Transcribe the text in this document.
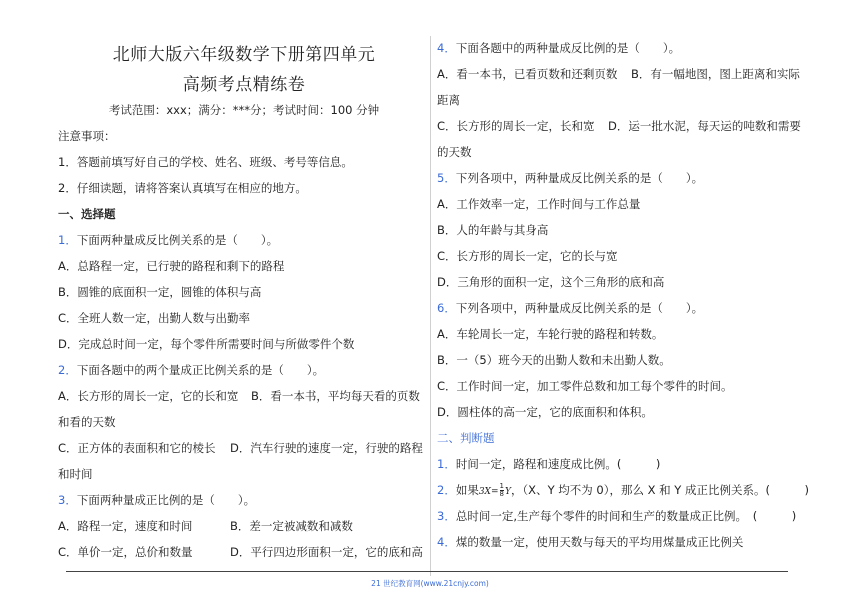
21 世纪教育网(www.21cnjy.com)
北师大版六年级数学下册第四单元
高频考点精练卷
考试范围：xxx；满分：***分；考试时间：100 分钟
注意事项：
1．答题前填写好自己的学校、姓名、班级、考号等信息。
2．仔细读题，请将答案认真填写在相应的地方。
一、选择题
1．下面两种量成反比例关系的是（　　）。
A．总路程一定，已行驶的路程和剩下的路程
B．圆锥的底面积一定，圆锥的体积与高
C．全班人数一定，出勤人数与出勤率
D．完成总时间一定，每个零件所需要时间与所做零件个数
2．下面各题中的两个量成正比例关系的是（　　）。
A．长方形的周长一定，它的长和宽 B．看一本书，平均每天看的页数
和看的天数
C．正方体的表面积和它的棱长 D．汽车行驶的速度一定，行驶的路程
和时间
3．下面两种量成正比例的是（　　）。
A．路程一定，速度和时间	B．差一定被减数和减数
C．单价一定，总价和数量	D．平行四边形面积一定，它的底和高
4．下面各题中的两种量成反比例的是（　　）。
A．看一本书，已看页数和还剩页数 B．有一幅地图，图上距离和实际
距离
C．长方形的周长一定，长和宽 D．运一批水泥，每天运的吨数和需要
的天数
5．下列各项中，两种量成反比例关系的是（　　）。
A．工作效率一定，工作时间与工作总量
B．人的年龄与其身高
C．长方形的周长一定，它的长与宽
D．三角形的面积一定，这个三角形的底和高
6．下列各项中，两种量成反比例关系的是（　　）。
A．车轮周长一定，车轮行驶的路程和转数。
B．一（5）班今天的出勤人数和未出勤人数。
C．工作时间一定，加工零件总数和加工每个零件的时间。
D．圆柱体的高一定，它的底面积和体积。
二、判断题
1．时间一定，路程和速度成比例。(　　　)
2．如果$3X=\frac{1}{8}$ Y，（X、Y 均不为 0），那么 X 和 Y 成正比例关系。(　　　)
3．总时间一定,生产每个零件的时间和生产的数量成正比例。　(　　　)
4．煤的数量一定，使用天数与每天的平均用煤量成正比例关
